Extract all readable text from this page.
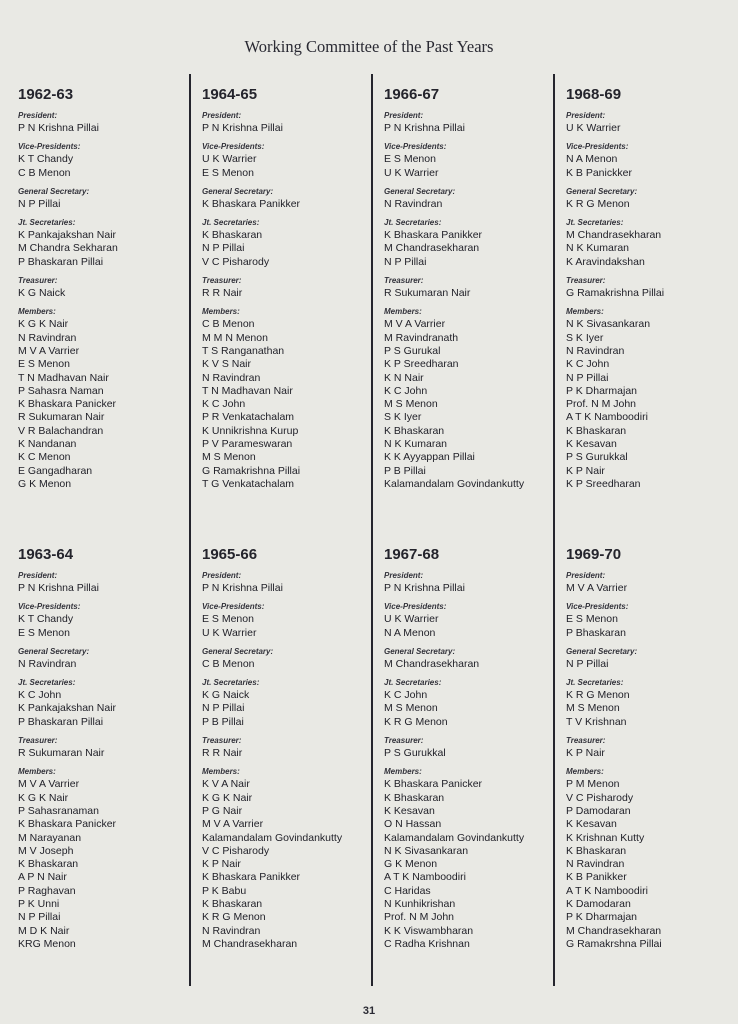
Working Committee of the Past Years
1962-63
President:
P N Krishna Pillai
Vice-Presidents:
K T Chandy
C B Menon
General Secretary:
N P Pillai
Jt. Secretaries:
K Pankajakshan Nair
M Chandra Sekharan
P Bhaskaran Pillai
Treasurer:
K G Naick
Members:
K G K Nair
N Ravindran
M V A Varrier
E S Menon
T N Madhavan Nair
P Sahasra Naman
K Bhaskara Panicker
R Sukumaran Nair
V R Balachandran
K Nandanan
K C Menon
E Gangadharan
G K Menon
1964-65
President:
P N Krishna Pillai
Vice-Presidents:
U K Warrier
E S Menon
General Secretary:
K Bhaskara Panikker
Jt. Secretaries:
K Bhaskaran
N P Pillai
V C Pisharody
Treasurer:
R R Nair
Members:
C B Menon
M M N Menon
T S Ranganathan
K V S Nair
N Ravindran
T N Madhavan Nair
K C John
P R Venkatachalam
K Unnikrishna Kurup
P V Parameswaran
M S Menon
G Ramakrishna Pillai
T G Venkatachalam
1966-67
President:
P N Krishna Pillai
Vice-Presidents:
E S Menon
U K Warrier
General Secretary:
N Ravindran
Jt. Secretaries:
K Bhaskara Panikker
M Chandrasekharan
N P Pillai
Treasurer:
R Sukumaran Nair
Members:
M V A Varrier
M Ravindranath
P S Gurukal
K P Sreedharan
K N Nair
K C John
M S Menon
S K Iyer
K Bhaskaran
N K Kumaran
K K Ayyappan Pillai
P B Pillai
Kalamandalam Govindankutty
1968-69
President:
U K Warrier
Vice-Presidents:
N A Menon
K B Panickker
General Secretary:
K R G Menon
Jt. Secretaries:
M Chandrasekharan
N K Kumaran
K Aravindakshan
Treasurer:
G Ramakrishna Pillai
Members:
N K Sivasankaran
S K Iyer
N Ravindran
K C John
N P Pillai
P K Dharmajan
Prof. N M John
A T K Namboodiri
K Bhaskaran
K Kesavan
P S Gurukkal
K P Nair
K P Sreedharan
1963-64
President:
P N Krishna Pillai
Vice-Presidents:
K T Chandy
E S Menon
General Secretary:
N Ravindran
Jt. Secretaries:
K C John
K Pankajakshan Nair
P Bhaskaran Pillai
Treasurer:
R Sukumaran Nair
Members:
M V A Varrier
K G K Nair
P Sahasranaman
K Bhaskara Panicker
M Narayanan
M V Joseph
K Bhaskaran
A P N Nair
P Raghavan
P K Unni
N P Pillai
M D K Nair
KRG Menon
1965-66
President:
P N Krishna Pillai
Vice-Presidents:
E S Menon
U K Warrier
General Secretary:
C B Menon
Jt. Secretaries:
K G Naick
N P Pillai
P B Pillai
Treasurer:
R R Nair
Members:
K V A Nair
K G K Nair
P G Nair
M V A Varrier
Kalamandalam Govindankutty
V C Pisharody
K P Nair
K Bhaskara Panikker
P K Babu
K Bhaskaran
K R G Menon
N Ravindran
M Chandrasekharan
1967-68
President:
P N Krishna Pillai
Vice-Presidents:
U K Warrier
N A Menon
General Secretary:
M Chandrasekharan
Jt. Secretaries:
K C John
M S Menon
K R G Menon
Treasurer:
P S Gurukkal
Members:
K Bhaskara Panicker
K Bhaskaran
K Kesavan
O N Hassan
Kalamandalam Govindankutty
N K Sivasankaran
G K Menon
A T K Namboodiri
C Haridas
N Kunhikrishan
Prof. N M John
K K Viswambharan
C Radha Krishnan
1969-70
President:
M V A Varrier
Vice-Presidents:
E S Menon
P Bhaskaran
General Secretary:
N P Pillai
Jt. Secretaries:
K R G Menon
M S Menon
T V Krishnan
Treasurer:
K P Nair
Members:
P M Menon
V C Pisharody
P Damodaran
K Kesavan
K Krishnan Kutty
K Bhaskaran
N Ravindran
K B Panikker
A T K Namboodiri
K Damodaran
P K Dharmajan
M Chandrasekharan
G Ramakrshna Pillai
31
